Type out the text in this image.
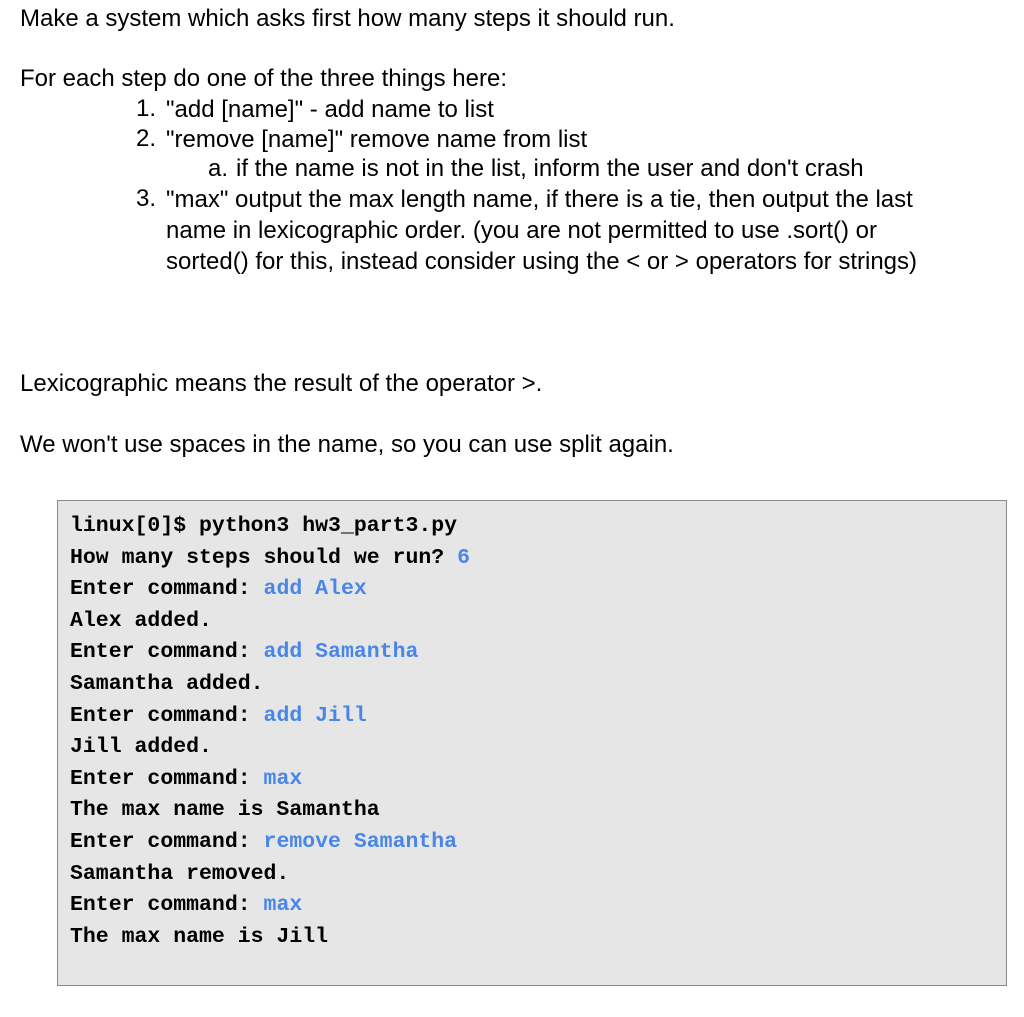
Make a system which asks first how many steps it should run.

For each step do one of the three things here:

1. "add [name]" - add name to list
2. "remove [name]" remove name from list
a. if the name is not in the list, inform the user and don't crash
3. "max" output the max length name, if there is a tie, then output the last name in lexicographic order. (you are not permitted to use .sort() or sorted() for this, instead consider using the < or > operators for strings)

Lexicographic means the result of the operator >.

We won't use spaces in the name, so you can use split again.

linux[0]$ python3 hw3_part3.py
How many steps should we run? 6
Enter command: add Alex
Alex added.
Enter command: add Samantha
Samantha added.
Enter command: add Jill
Jill added.
Enter command: max
The max name is Samantha
Enter command: remove Samantha
Samantha removed.
Enter command: max
The max name is Jill
